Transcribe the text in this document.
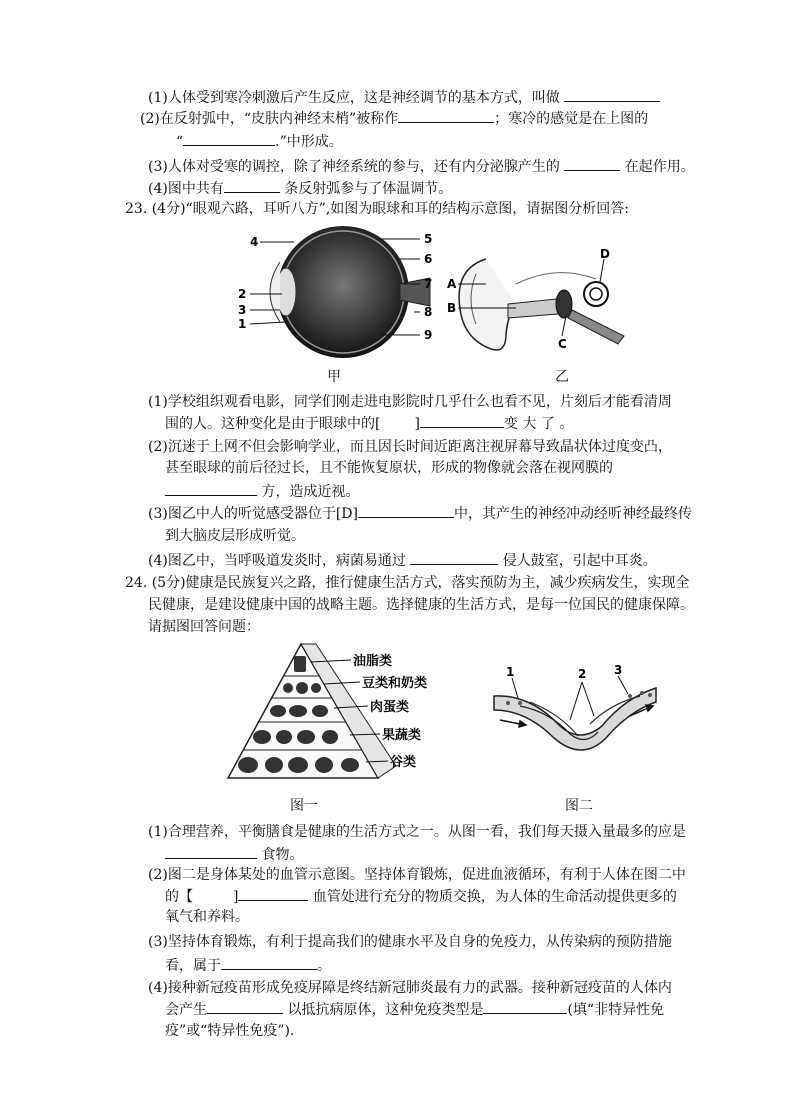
(1)人体受到寒冷刺激后产生反应，这是神经调节的基本方式，叫做
(2)在反射弧中，“皮肤内神经末梢”被称作	；寒冷的感觉是在上图的
“	.”中形成。
(3)人体对受寒的调控，除了神经系统的参与，还有内分泌腺产生的	在起作用。
(4)图中共有	条反射弧参与了体温调节。
23. (4分)“眼观六路，耳听八方”,如图为眼球和耳的结构示意图，请据图分析回答:
4
2
3
1
5
6
7
8
9
A
B
C
D
甲	乙
(1)学校组织观看电影，同学们刚走进电影院时几乎什么也看不见，片刻后才能看清周
围的人。这种变化是由于眼球中的[ ]	变 大 了 。
(2)沉迷于上网不但会影响学业，而且因长时间近距离注视屏幕导致晶状体过度变凸，
甚至眼球的前后径过长，且不能恢复原状，形成的物像就会落在视网膜的
方，造成近视。
(3)图乙中人的听觉感受器位于[D]	中，其产生的神经冲动经听神经最终传
到大脑皮层形成听觉。
(4)图乙中，当呼吸道发炎时，病菌易通过	侵人鼓室，引起中耳炎。
24. (5分)健康是民族复兴之路，推行健康生活方式，落实预防为主，减少疾病发生，实现全
民健康，是建设健康中国的战略主题。选择健康的生活方式，是每一位国民的健康保障。
请据图回答问题：
油脂类
豆类和奶类
肉蛋类
果蔬类
谷类
1	2 3
图一	图二
(1)合理营养，平衡膳食是健康的生活方式之一。从图一看，我们每天摄入量最多的应是
食物。
(2)图二是身体某处的血管示意图。坚持体育锻炼，促进血液循环，有利于人体在图二中
的【	]	血管处进行充分的物质交换，为人体的生命活动提供更多的
氧气和养料。
(3)坚持体育锻炼，有利于提高我们的健康水平及自身的免疫力，从传染病的预防措施
看，属于	。
(4)接种新冠疫苗形成免疫屏障是终结新冠肺炎最有力的武器。接种新冠疫苗的人体内
会产生	以抵抗病原体，这种免疫类型是	(填“非特异性免
疫”或“特异性免疫”).
